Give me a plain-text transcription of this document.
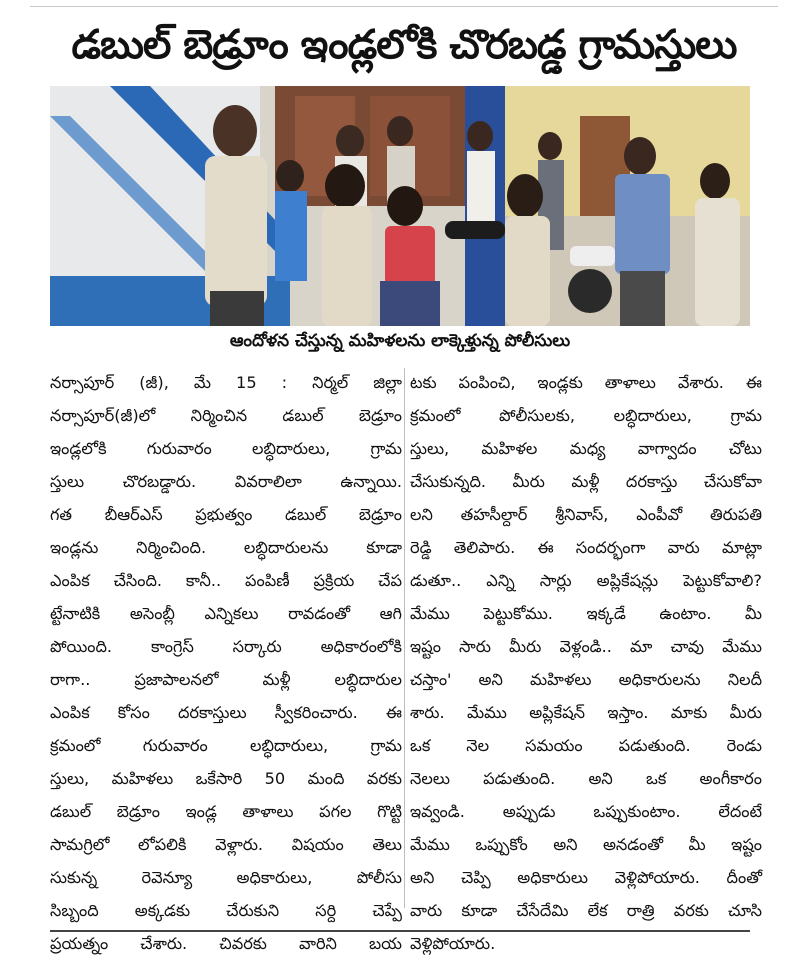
డబుల్ బెడ్రూం ఇండ్లలోకి చొరబడ్డ గ్రామస్తులు
ఆందోళన చేస్తున్న మహిళలను లాక్కెళ్తున్న పోలీసులు
నర్సాపూర్ (జీ), మే 15 : నిర్మల్ జిల్లా
నర్సాపూర్(జీ)లో నిర్మించిన డబుల్ బెడ్రూం
ఇండ్లలోకి గురువారం లబ్ధిదారులు, గ్రామ
స్తులు చొరబడ్డారు. వివరాలిలా ఉన్నాయి.
గత బీఆర్ఎస్ ప్రభుత్వం డబుల్ బెడ్రూం
ఇండ్లను నిర్మించింది. లబ్ధిదారులను కూడా
ఎంపిక చేసింది. కానీ.. పంపిణీ ప్రక్రియ చేప
ట్టేనాటికి అసెంబ్లీ ఎన్నికలు రావడంతో ఆగి
పోయింది. కాంగ్రెస్ సర్కారు అధికారంలోకి
రాగా.. ప్రజాపాలనలో మళ్లీ లబ్ధిదారుల
ఎంపిక కోసం దరకాస్తులు స్వీకరించారు. ఈ
క్రమంలో గురువారం లబ్ధిదారులు, గ్రామ
స్తులు, మహిళలు ఒకేసారి 50 మంది వరకు
డబుల్ బెడ్రూం ఇండ్ల తాళాలు పగల గొట్టి
సామగ్రిలో లోపలికి వెళ్లారు. విషయం తెలు
సుకున్న రెవెన్యూ అధికారులు, పోలీసు
సిబ్బంది అక్కడకు చేరుకుని సర్ది చెప్పే
ప్రయత్నం చేశారు. చివరకు వారిని బయ
టకు పంపించి, ఇండ్లకు తాళాలు వేశారు. ఈ
క్రమంలో పోలీసులకు, లబ్ధిదారులు, గ్రామ
స్తులు, మహిళల మధ్య వాగ్వాదం చోటు
చేసుకున్నది. మీరు మళ్లీ దరకాస్తు చేసుకోవా
లని తహసీల్దార్ శ్రీనివాస్, ఎంపీవో తిరుపతి
రెడ్డి తెలిపారు. ఈ సందర్భంగా వారు మాట్లా
డుతూ.. ఎన్ని సార్లు అప్లికేషన్లు పెట్టుకోవాలి?
మేము పెట్టుకోము. ఇక్కడే ఉంటాం. మీ
ఇష్టం సారు మీరు వెళ్లండి.. మా చావు మేము
చస్తాం' అని మహిళలు అధికారులను నిలదీ
శారు. మేము అప్లికేషన్ ఇస్తాం. మాకు మీరు
ఒక నెల సమయం పడుతుంది. రెండు
నెలలు పడుతుంది. అని ఒక అంగీకారం
ఇవ్వండి. అప్పుడు ఒప్పుకుంటాం. లేదంటే
మేము ఒప్పుకోం అని అనడంతో మీ ఇష్టం
అని చెప్పి అధికారులు వెళ్లిపోయారు. దీంతో
వారు కూడా చేసేదేమి లేక రాత్రి వరకు చూసి
వెళ్లిపోయారు.
